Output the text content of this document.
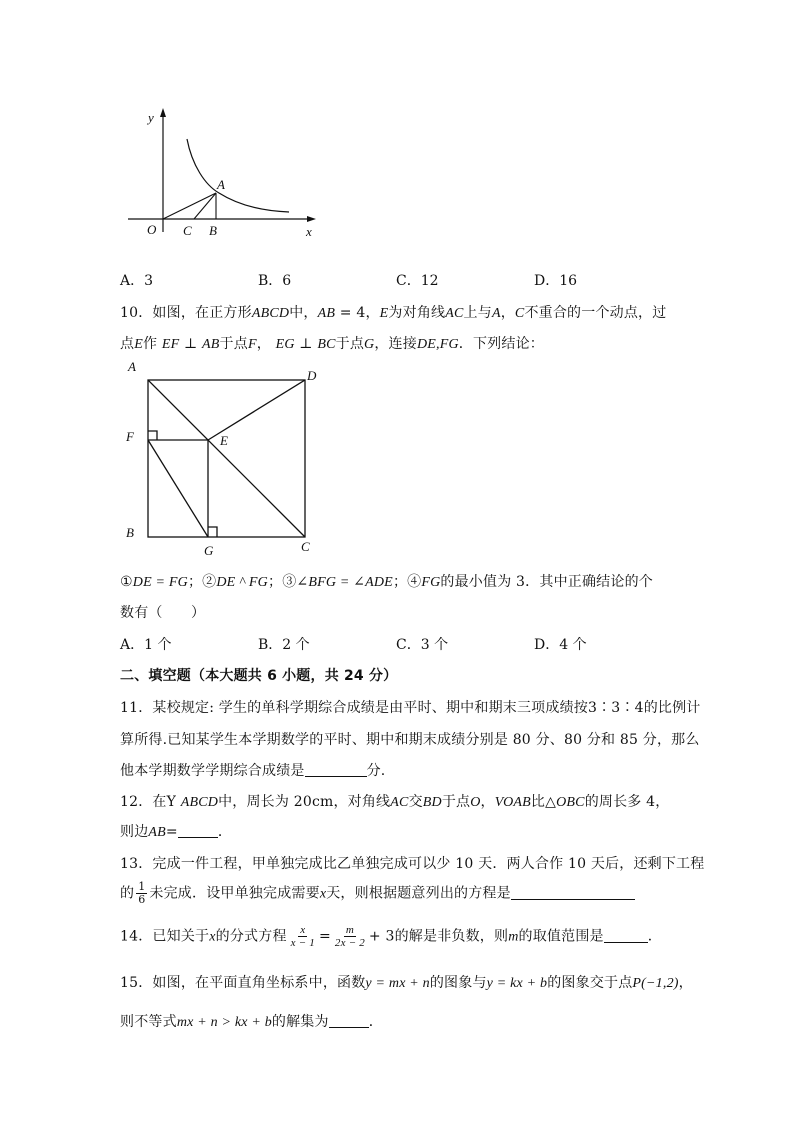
y
x
O
A
C B
A．3	B．6	C．12	D．16
10．如图，在正方形ABCD中，AB = 4，E为对角线AC上与A，C不重合的一个动点，过
点E作 EF ⊥ AB于点F， EG ⊥ BC于点G，连接DE,FG．下列结论：
A
D
F	E
B
G	C
①DE = FG；②DE ^ FG；③∠BFG = ∠ADE；④FG的最小值为 3．其中正确结论的个
数有（　　）
A．1 个	B．2 个	C．3 个	D．4 个
二、填空题（本大题共 6 小题，共 24 分）
11．某校规定: 学生的单科学期综合成绩是由平时、期中和期末三项成绩按3∶3∶4的比例计
算所得.已知某学生本学期数学的平时、期中和期末成绩分别是 80 分、80 分和 85 分，那么
他本学期数学学期综合成绩是	分.
12．在Y ABCD中，周长为 20cm，对角线AC交BD于点O，VOAB比△OBC的周长多 4，
则边AB=	．
13．完成一件工程，甲单独完成比乙单独完成可以少 10 天．两人合作 10 天后，还剩下工程
的 $\frac{1}{6}$ 未完成．设甲单独完成需要x天，则根据题意列出的方程是
14．已知关于x的分式方程 $\frac{x}{x - 1} = \frac{m}{2x - 2} + 3$的解是非负数，则m的取值范围是	．
15．如图，在平面直角坐标系中，函数y = mx + n的图象与y = kx + b的图象交于点P(−1,2)，
则不等式mx + n > kx + b的解集为	．
